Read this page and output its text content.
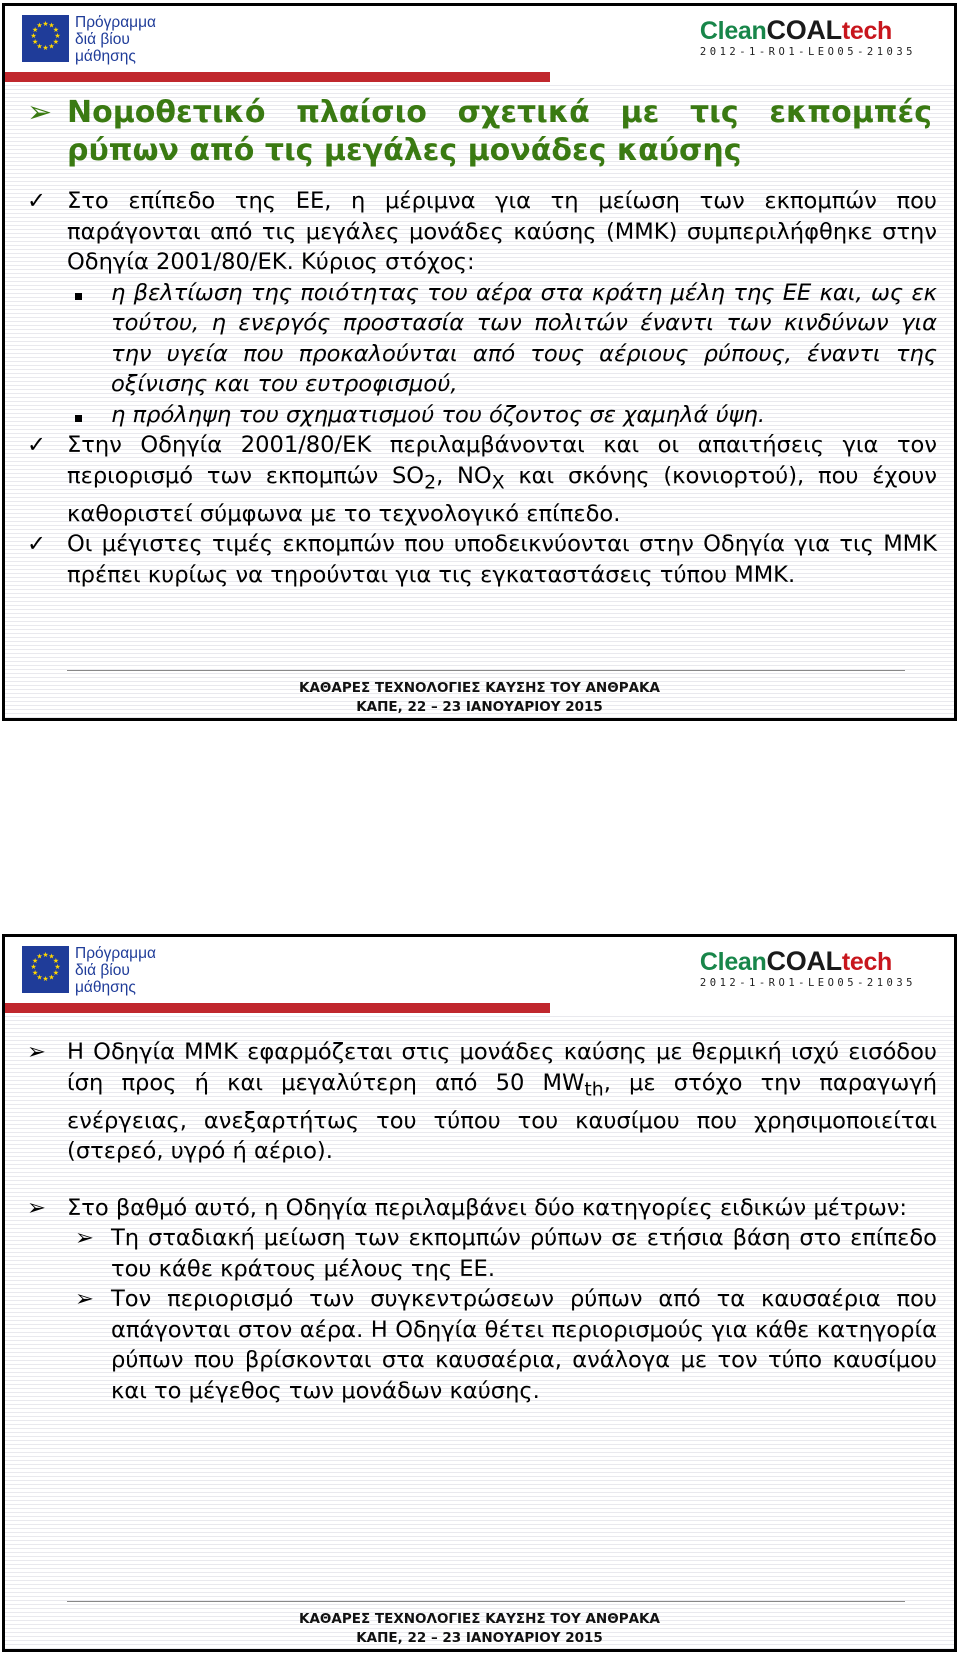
★ ★
★
★
★
★
★
★
★
★
★
★ Πρόγραμμα
διά βίου
μάθησης
CleanCOALtech
2012-1-RO1-LEO05-21035
➢ Νομοθετικό πλαίσιο σχετικά με τις εκπομπές ρύπων από τις μεγάλες μονάδες καύσης
✓ Στο επίπεδο της ΕΕ, η μέριμνα για τη μείωση των εκπομπών που παράγονται από τις μεγάλες μονάδες καύσης (ΜΜΚ) συμπεριλήφθηκε στην Οδηγία 2001/80/ΕΚ. Κύριος στόχος:
η βελτίωση της ποιότητας του αέρα στα κράτη μέλη της ΕΕ και, ως εκ τούτου, η ενεργός προστασία των πολιτών έναντι των κινδύνων για την υγεία που προκαλούνται από τους αέριους ρύπους, έναντι της οξίνισης και του ευτροφισμού,
η πρόληψη του σχηματισμού του όζοντος σε χαμηλά ύψη.
✓ Στην Οδηγία 2001/80/ΕΚ περιλαμβάνονται και οι απαιτήσεις για τον περιορισμό των εκπομπών $SO_2$, $NO_X$ και σκόνης (κονιορτού), που έχουν καθοριστεί σύμφωνα με το τεχνολογικό επίπεδο.
✓ Οι μέγιστες τιμές εκπομπών που υποδεικνύονται στην Οδηγία για τις ΜΜΚ πρέπει κυρίως να τηρούνται για τις εγκαταστάσεις τύπου ΜΜΚ.
ΚΑΘΑΡΕΣ ΤΕΧΝΟΛΟΓΙΕΣ ΚΑΥΣΗΣ ΤΟΥ ΑΝΘΡΑΚΑ
ΚΑΠΕ, 22 – 23 ΙΑΝΟΥΑΡΙΟΥ 2015
★ ★
★
★
★
★
★
★
★
★
★
★ Πρόγραμμα
διά βίου
μάθησης
CleanCOALtech
2012-1-RO1-LEO05-21035
➢ Η Οδηγία ΜΜΚ εφαρμόζεται στις μονάδες καύσης με θερμική ισχύ εισόδου ίση προς ή και μεγαλύτερη από 50 $MW_{th}$, με στόχο την παραγωγή ενέργειας, ανεξαρτήτως του τύπου του καυσίμου που χρησιμοποιείται (στερεό, υγρό ή αέριο).
➢ Στο βαθμό αυτό, η Οδηγία περιλαμβάνει δύο κατηγορίες ειδικών μέτρων:
➢ Τη σταδιακή μείωση των εκπομπών ρύπων σε ετήσια βάση στο επίπεδο του κάθε κράτους μέλους της ΕΕ.
➢ Τον περιορισμό των συγκεντρώσεων ρύπων από τα καυσαέρια που απάγονται στον αέρα. Η Οδηγία θέτει περιορισμούς για κάθε κατηγορία ρύπων που βρίσκονται στα καυσαέρια, ανάλογα με τον τύπο καυσίμου και το μέγεθος των μονάδων καύσης.
ΚΑΘΑΡΕΣ ΤΕΧΝΟΛΟΓΙΕΣ ΚΑΥΣΗΣ ΤΟΥ ΑΝΘΡΑΚΑ
ΚΑΠΕ, 22 – 23 ΙΑΝΟΥΑΡΙΟΥ 2015
